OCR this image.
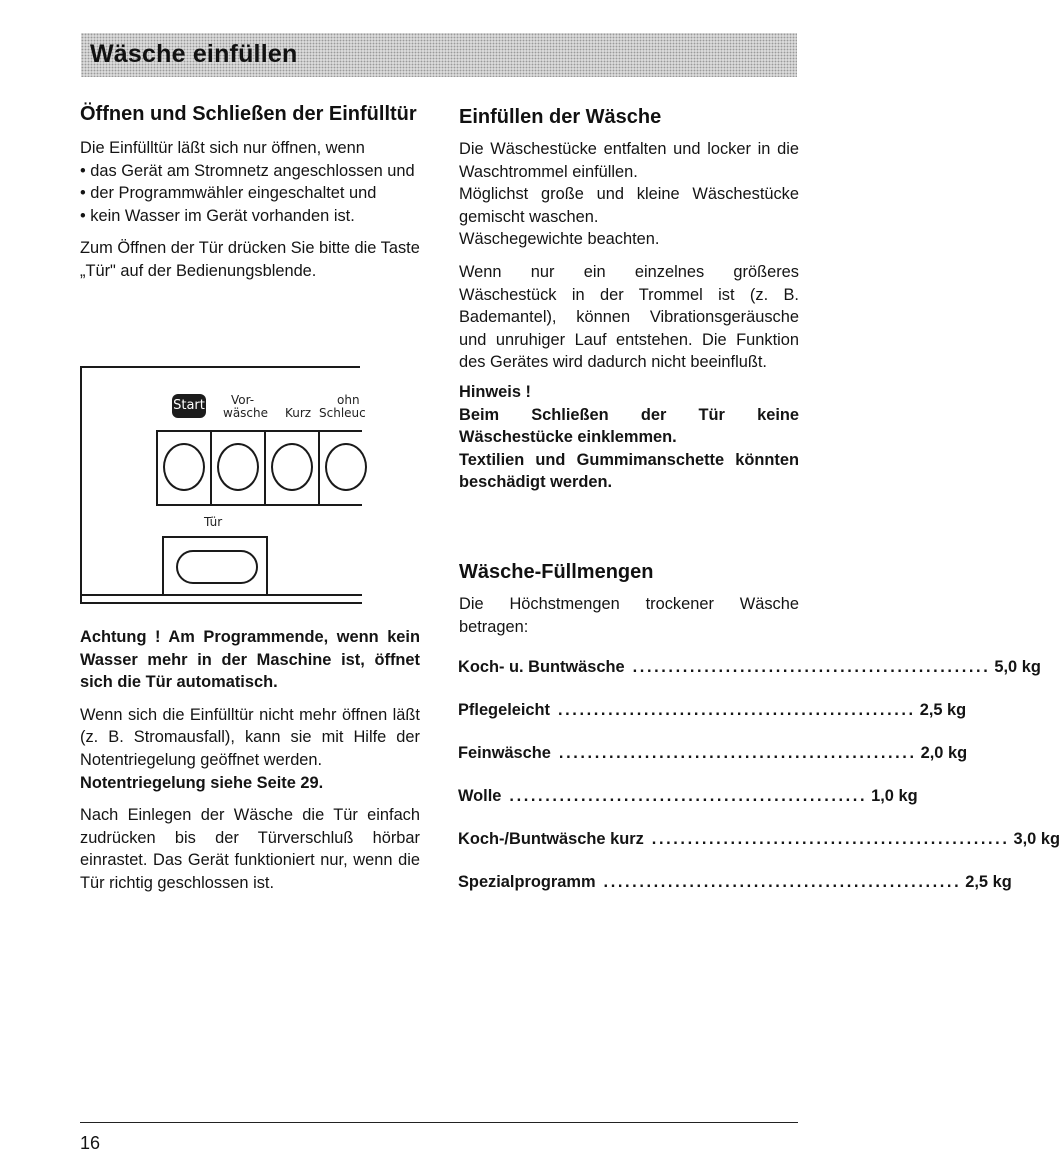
Wäsche einfüllen
Öffnen und Schließen der Einfülltür

Die Einfülltür läßt sich nur öffnen, wenn

• das Gerät am Stromnetz angeschlossen und

• der Programmwähler eingeschaltet und

• kein Wasser im Gerät vorhanden ist.

Zum Öffnen der Tür drücken Sie bitte die Taste „Tür" auf der Bedienungsblende.

Start Vor-
wäsche Kurz
ohn
Schleuc
Tür

Achtung ! Am Programmende, wenn kein Wasser mehr in der Maschine ist, öffnet sich die Tür automatisch.

Wenn sich die Einfülltür nicht mehr öffnen läßt (z. B. Stromausfall), kann sie mit Hilfe der Notentriegelung geöffnet werden.

Notentriegelung siehe Seite 29.

Nach Einlegen der Wäsche die Tür einfach zudrücken bis der Türverschluß hörbar einrastet. Das Gerät funktioniert nur, wenn die Tür richtig geschlossen ist.

Einfüllen der Wäsche

Die Wäschestücke entfalten und locker in die Waschtrommel einfüllen.

Möglichst große und kleine Wäschestücke gemischt waschen.

Wäschegewichte beachten.

Wenn nur ein einzelnes größeres Wäschestück in der Trommel ist (z. B. Bademantel), können Vibrationsgeräusche und unruhiger Lauf entstehen. Die Funktion des Gerätes wird dadurch nicht beeinflußt.

Hinweis !

Beim Schließen der Tür keine Wäschestücke einklemmen.

Textilien und Gummimanschette könnten beschädigt werden.

Wäsche-Füllmengen

Die Höchstmengen trockener Wäsche betragen:

Koch- u. Buntwäsche .................................................. 5,0 kg
Pflegeleicht .................................................. 2,5 kg
Feinwäsche .................................................. 2,0 kg
Wolle .................................................. 1,0 kg
Koch-/Buntwäsche kurz .................................................. 3,0 kg
Spezialprogramm .................................................. 2,5 kg
16
